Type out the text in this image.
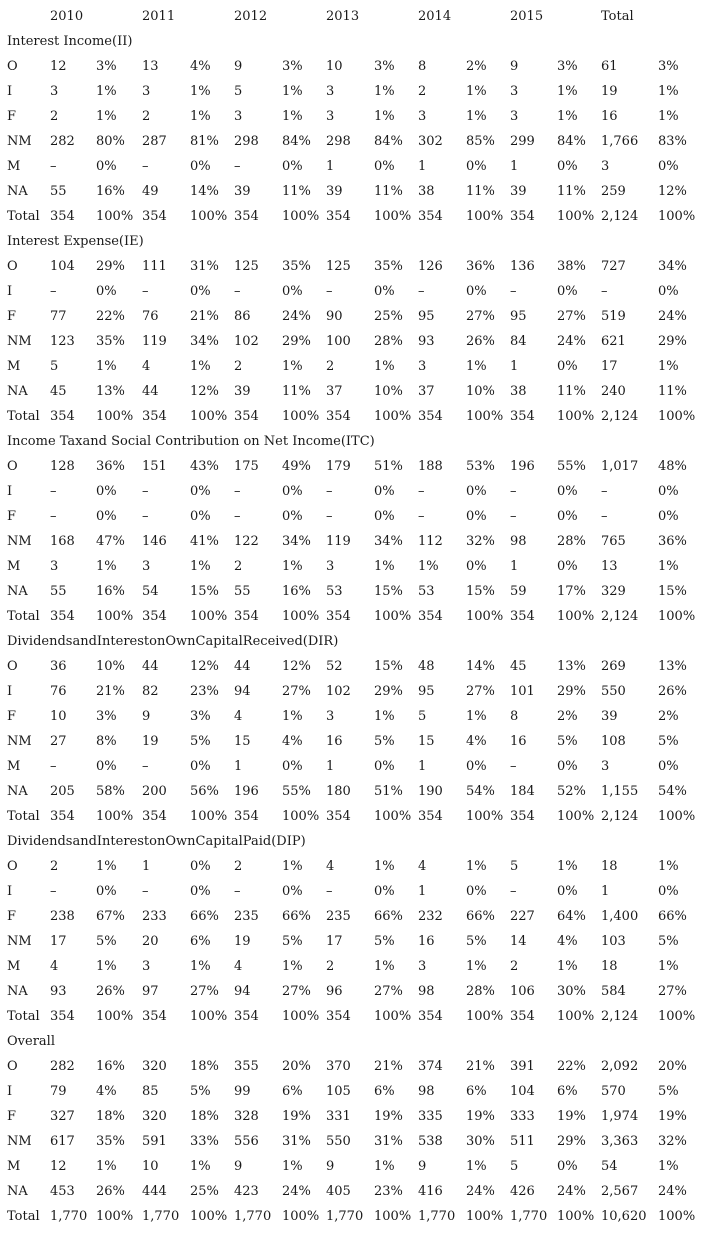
2010	2011	2012	2013	2014	2015	Total
Interest Income(II)
O 12 3% 13 4% 9	3% 10 3% 8	2% 9	3% 61	3%
I	3	1% 3	1% 5	1% 3	1% 2	1% 3	1% 19	1%
F	2	1% 2	1% 3	1% 3	1% 3	1% 3	1% 16	1%
NM 282 80% 287 81% 298 84% 298 84% 302 85% 299 84% 1,766 83%
M –	0% –	0% –	0% 1	0% 1	0% 1	0% 3	0%
NA 55 16% 49 14% 39 11% 39 11% 38 11% 39 11% 259 12%
Total 354 100% 354 100% 354 100% 354 100% 354 100% 354 100% 2,124 100%
Interest Expense(IE)
O 104 29% 111 31% 125 35% 125 35% 126 36% 136 38% 727 34%
I	–	0% –	0% –	0% –	0% –	0% –	0% –	0%
F	77 22% 76 21% 86 24% 90 25% 95 27% 95 27% 519 24%
NM 123 35% 119 34% 102 29% 100 28% 93 26% 84 24% 621 29%
M 5	1% 4	1% 2	1% 2	1% 3	1% 1	0% 17	1%
NA 45 13% 44 12% 39 11% 37 10% 37 10% 38 11% 240 11%
Total 354 100% 354 100% 354 100% 354 100% 354 100% 354 100% 2,124 100%
Income Taxand Social Contribution on Net Income(ITC)
O 128 36% 151 43% 175 49% 179 51% 188 53% 196 55% 1,017 48%
I	–	0% –	0% –	0% –	0% –	0% –	0% –	0%
F	–	0% –	0% –	0% –	0% –	0% –	0% –	0%
NM 168 47% 146 41% 122 34% 119 34% 112 32% 98 28% 765 36%
M 3	1% 3	1% 2	1% 3	1% 1% 0% 1	0% 13	1%
NA 55 16% 54 15% 55 16% 53 15% 53 15% 59 17% 329 15%
Total 354 100% 354 100% 354 100% 354 100% 354 100% 354 100% 2,124 100%
DividendsandInterestonOwnCapitalReceived(DIR)
O 36 10% 44 12% 44 12% 52 15% 48 14% 45 13% 269 13%
I	76 21% 82 23% 94 27% 102 29% 95 27% 101 29% 550 26%
F	10 3% 9	3% 4	1% 3	1% 5	1% 8	2% 39	2%
NM 27 8% 19 5% 15 4% 16 5% 15 4% 16 5% 108 5%
M –	0% –	0% 1	0% 1	0% 1	0% –	0% 3	0%
NA 205 58% 200 56% 196 55% 180 51% 190 54% 184 52% 1,155 54%
Total 354 100% 354 100% 354 100% 354 100% 354 100% 354 100% 2,124 100%
DividendsandInterestonOwnCapitalPaid(DIP)
O 2	1% 1	0% 2	1% 4	1% 4	1% 5	1% 18	1%
I	–	0% –	0% –	0% –	0% 1	0% –	0% 1	0%
F	238 67% 233 66% 235 66% 235 66% 232 66% 227 64% 1,400 66%
NM 17 5% 20 6% 19 5% 17 5% 16 5% 14 4% 103 5%
M 4	1% 3	1% 4	1% 2	1% 3	1% 2	1% 18	1%
NA 93 26% 97 27% 94 27% 96 27% 98 28% 106 30% 584 27%
Total 354 100% 354 100% 354 100% 354 100% 354 100% 354 100% 2,124 100%
Overall
O 282 16% 320 18% 355 20% 370 21% 374 21% 391 22% 2,092 20%
I	79 4% 85 5% 99 6% 105 6% 98 6% 104 6% 570 5%
F	327 18% 320 18% 328 19% 331 19% 335 19% 333 19% 1,974 19%
NM 617 35% 591 33% 556 31% 550 31% 538 30% 511 29% 3,363 32%
M 12 1% 10 1% 9	1% 9	1% 9	1% 5	0% 54	1%
NA 453 26% 444 25% 423 24% 405 23% 416 24% 426 24% 2,567 24%
Total 1,770 100% 1,770 100% 1,770 100% 1,770 100% 1,770 100% 1,770 100% 10,620 100%
